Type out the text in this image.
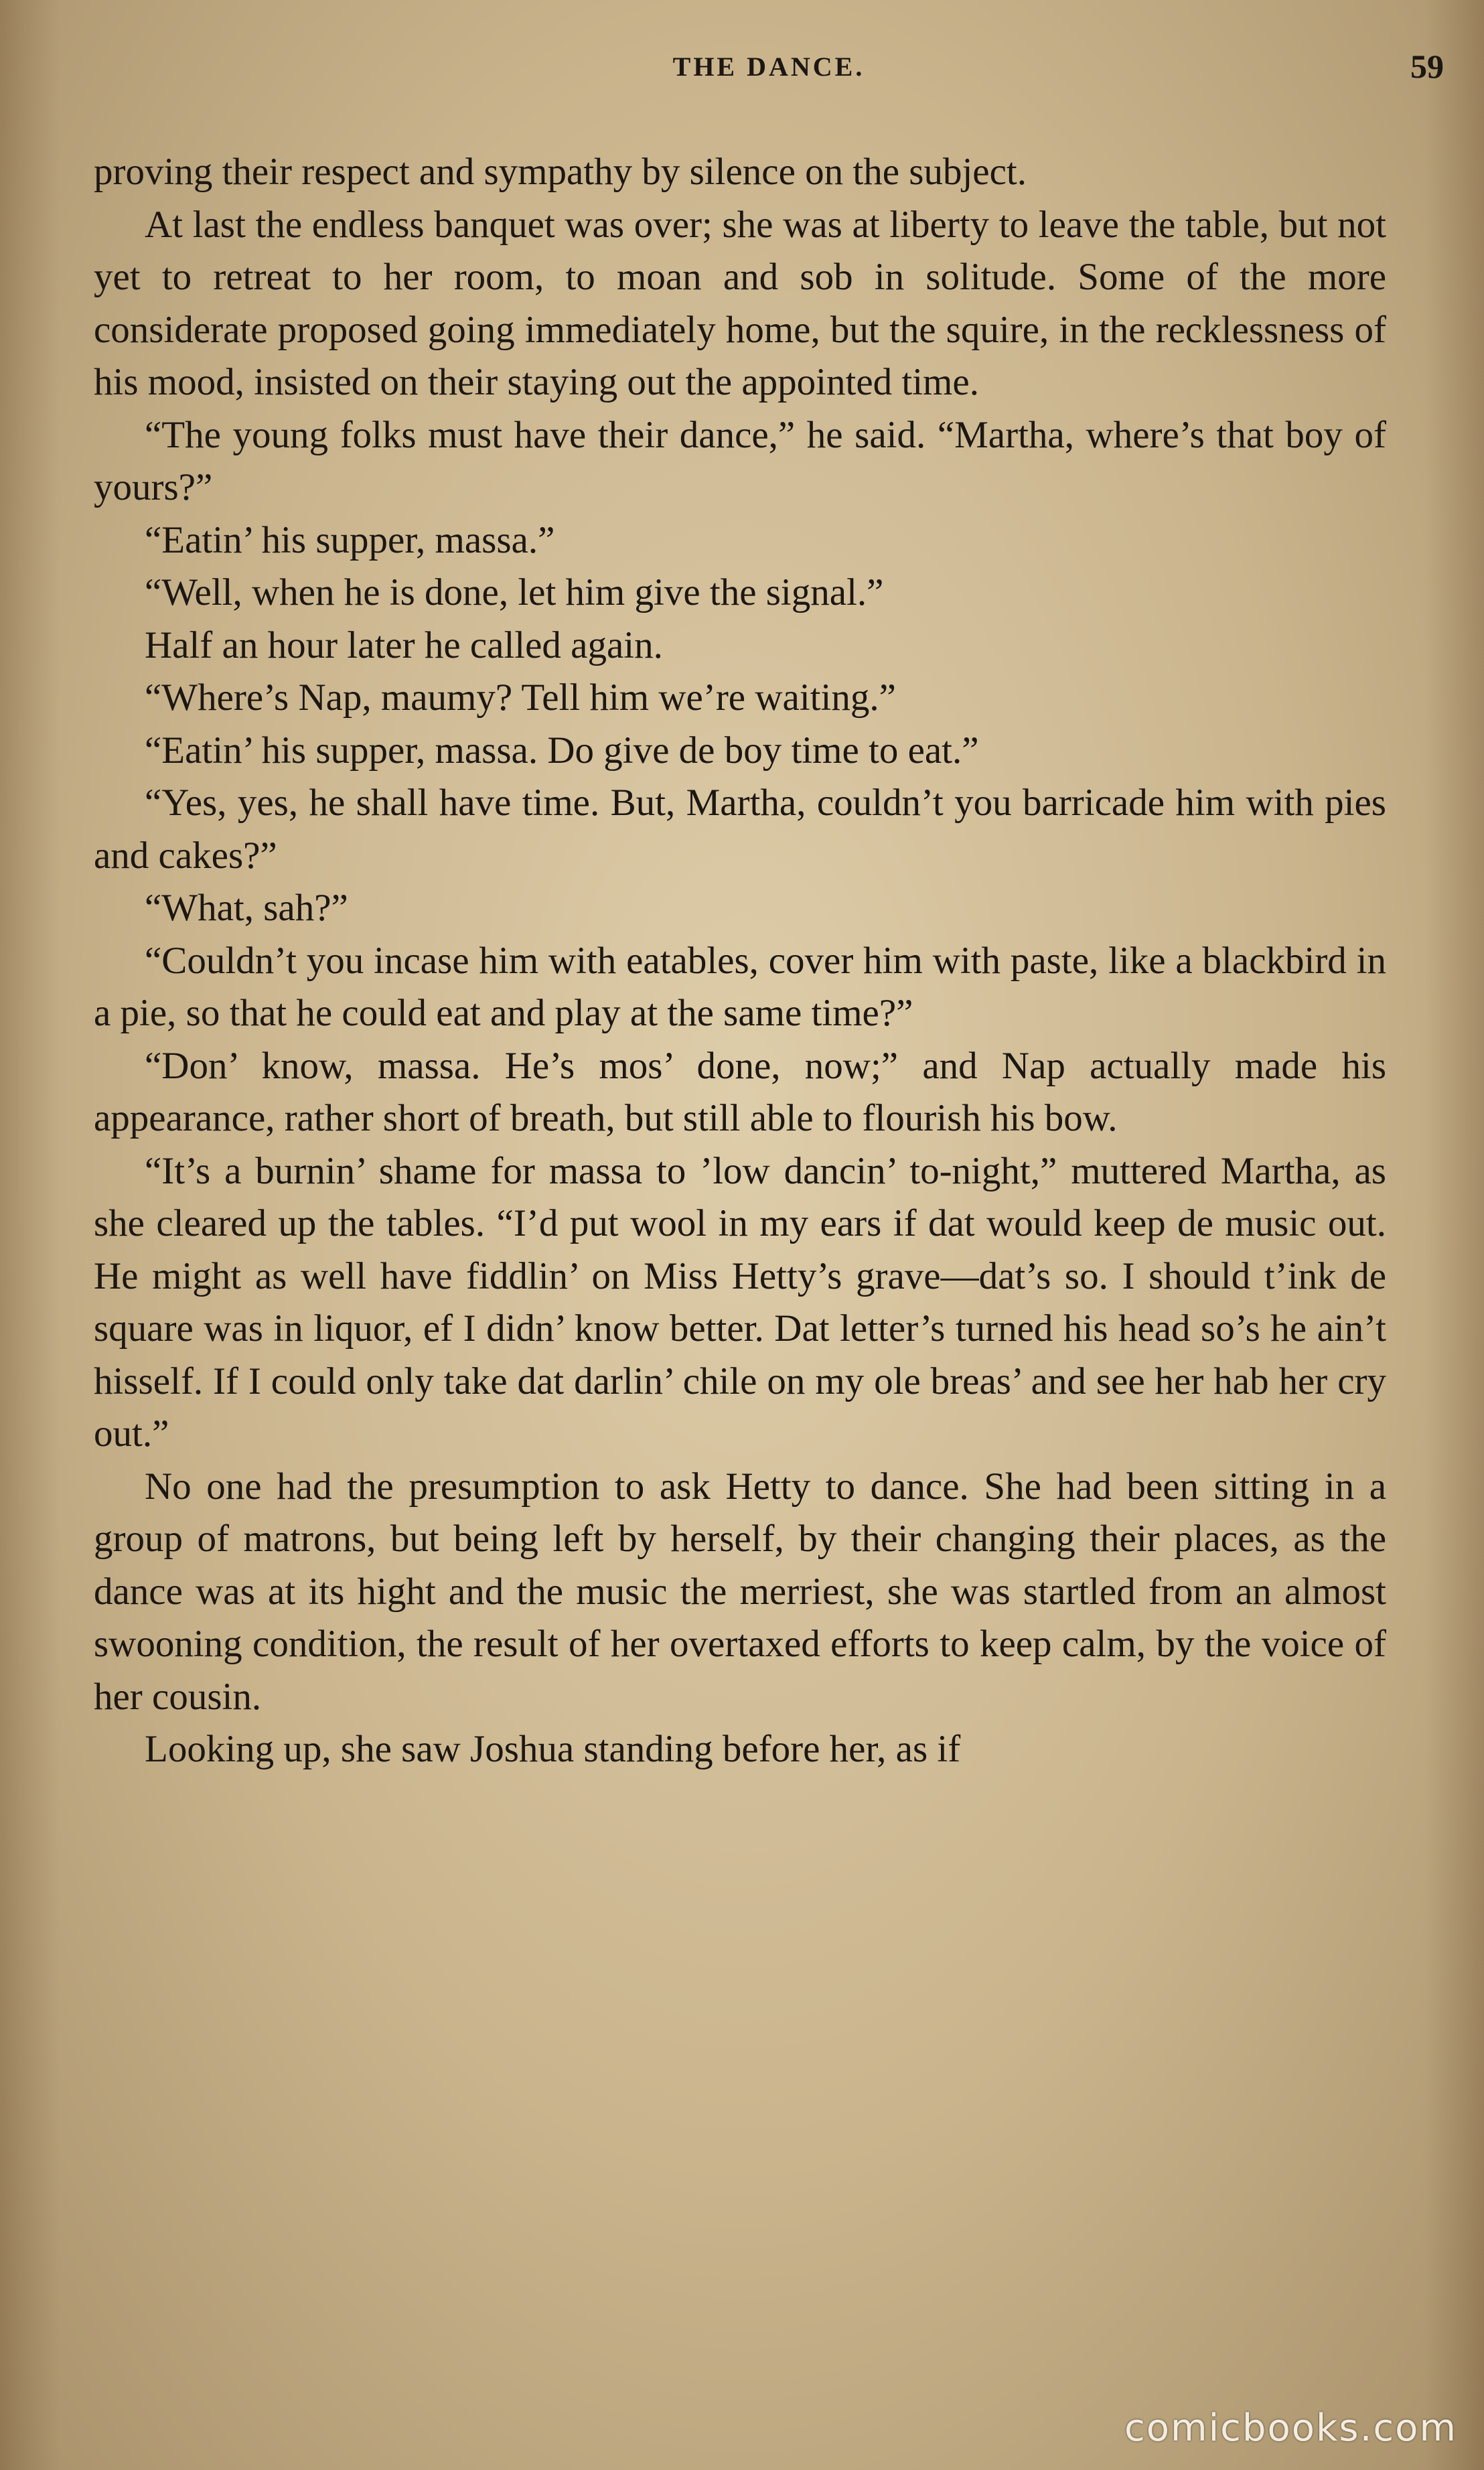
THE DANCE.	59

proving their respect and sympathy by silence on the subject.

At last the endless banquet was over; she was at liberty to leave the table, but not yet to retreat to her room, to moan and sob in solitude. Some of the more considerate proposed going immediately home, but the squire, in the recklessness of his mood, insisted on their staying out the appointed time.

“The young folks must have their dance,” he said. “Martha, where’s that boy of yours?”

“Eatin’ his supper, massa.”

“Well, when he is done, let him give the signal.”

Half an hour later he called again.

“Where’s Nap, maumy? Tell him we’re waiting.”

“Eatin’ his supper, massa. Do give de boy time to eat.”

“Yes, yes, he shall have time. But, Martha, couldn’t you barricade him with pies and cakes?”

“What, sah?”

“Couldn’t you incase him with eatables, cover him with paste, like a blackbird in a pie, so that he could eat and play at the same time?”

“Don’ know, massa. He’s mos’ done, now;” and Nap actually made his appearance, rather short of breath, but still able to flourish his bow.

“It’s a burnin’ shame for massa to ’low dancin’ to-night,” muttered Martha, as she cleared up the tables. “I’d put wool in my ears if dat would keep de music out. He might as well have fiddlin’ on Miss Hetty’s grave—dat’s so. I should t’ink de square was in liquor, ef I didn’ know better. Dat letter’s turned his head so’s he ain’t hisself. If I could only take dat darlin’ chile on my ole breas’ and see her hab her cry out.”

No one had the presumption to ask Hetty to dance. She had been sitting in a group of matrons, but being left by herself, by their changing their places, as the dance was at its hight and the music the merriest, she was startled from an almost swooning condition, the result of her overtaxed efforts to keep calm, by the voice of her cousin.

Looking up, she saw Joshua standing before her, as if

comicbooks.com
